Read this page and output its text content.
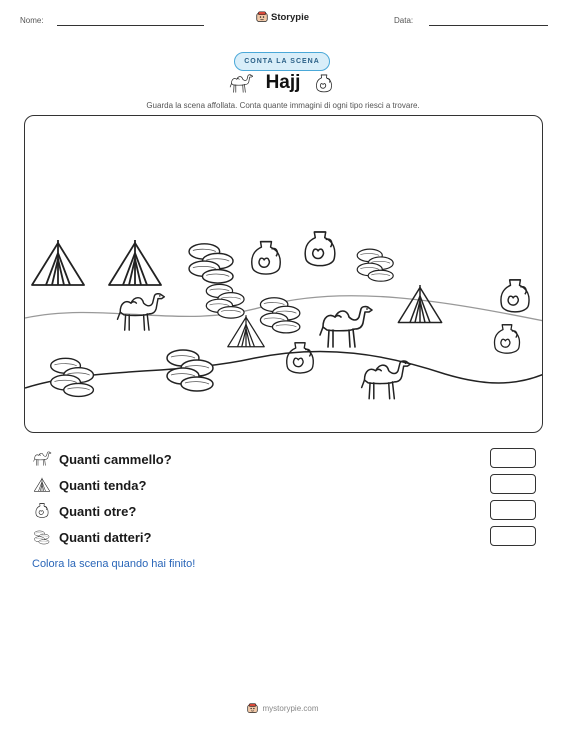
Nome:	Storypie	Data:
CONTA LA SCENA
Hajj
Guarda la scena affollata. Conta quante immagini di ogni tipo riesci a trovare.
Quanti cammello?
Quanti tenda?
Quanti otre?
Quanti datteri?
Colora la scena quando hai finito!
mystorypie.com
